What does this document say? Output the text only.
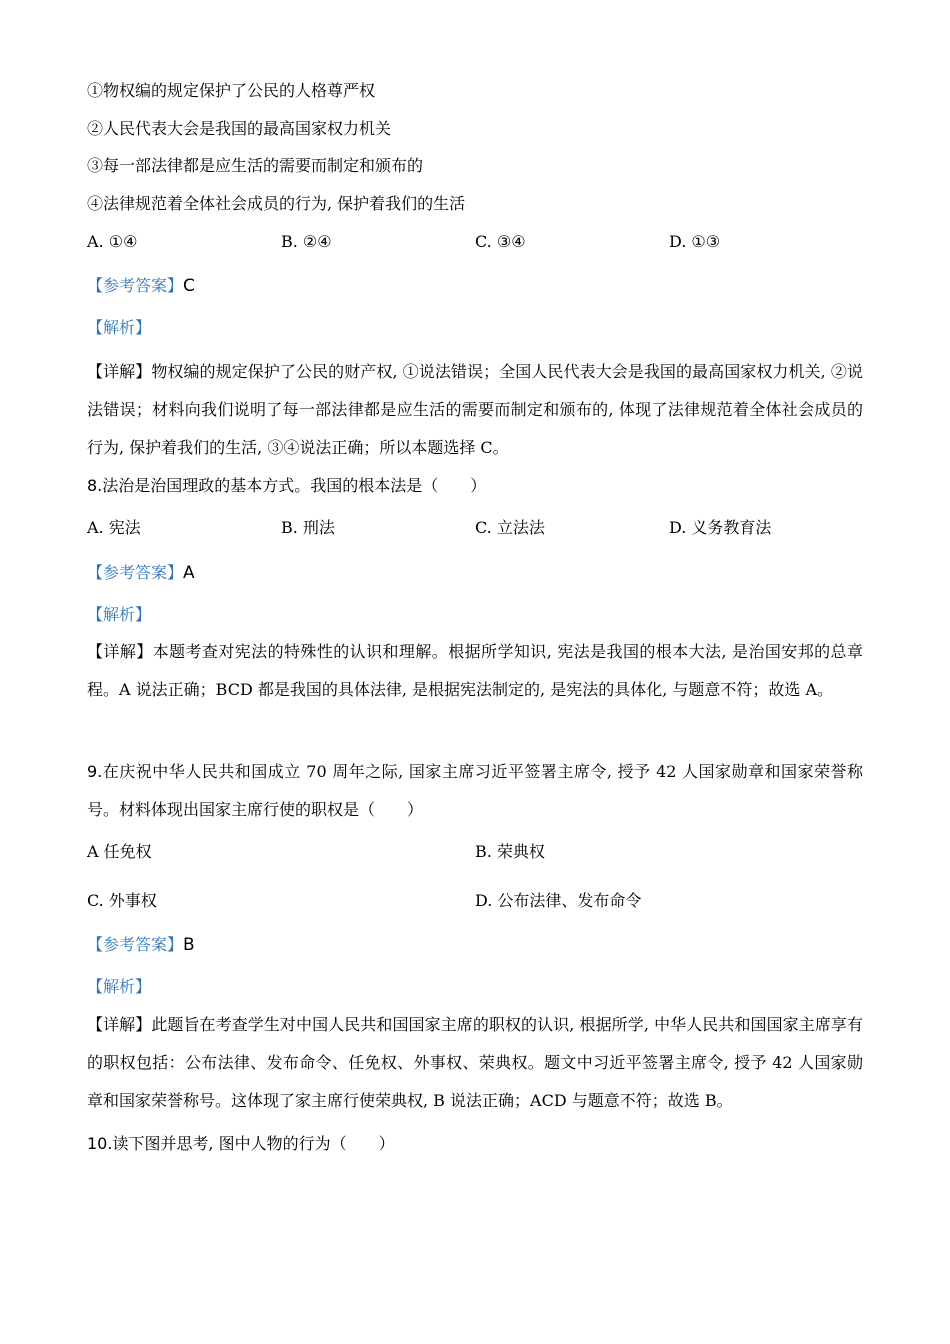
①物权编的规定保护了公民的人格尊严权
②人民代表大会是我国的最高国家权力机关
③每一部法律都是应生活的需要而制定和颁布的
④法律规范着全体社会成员的行为, 保护着我们的生活
A. ①④	B. ②④	C. ③④	D. ①③
【参考答案】C
【解析】
【详解】物权编的规定保护了公民的财产权, ①说法错误；全国人民代表大会是我国的最高国家权力机关, ②说法错误；材料向我们说明了每一部法律都是应生活的需要而制定和颁布的, 体现了法律规范着全体社会成员的行为, 保护着我们的生活, ③④说法正确；所以本题选择 C。
8.法治是治国理政的基本方式。我国的根本法是（　　）
A. 宪法	B. 刑法	C. 立法法	D. 义务教育法
【参考答案】A
【解析】
【详解】本题考查对宪法的特殊性的认识和理解。根据所学知识, 宪法是我国的根本大法, 是治国安邦的总章程。A 说法正确；BCD 都是我国的具体法律, 是根据宪法制定的, 是宪法的具体化, 与题意不符；故选 A。
9.在庆祝中华人民共和国成立 70 周年之际, 国家主席习近平签署主席令, 授予 42 人国家勋章和国家荣誉称号。材料体现出国家主席行使的职权是（　　）
A 任免权	B. 荣典权
C. 外事权	D. 公布法律、发布命令
【参考答案】B
【解析】
【详解】此题旨在考查学生对中国人民共和国国家主席的职权的认识, 根据所学, 中华人民共和国国家主席享有的职权包括：公布法律、发布命令、任免权、外事权、荣典权。题文中习近平签署主席令, 授予 42 人国家勋章和国家荣誉称号。这体现了家主席行使荣典权, B 说法正确；ACD 与题意不符；故选 B。
10.读下图并思考, 图中人物的行为（　　）
